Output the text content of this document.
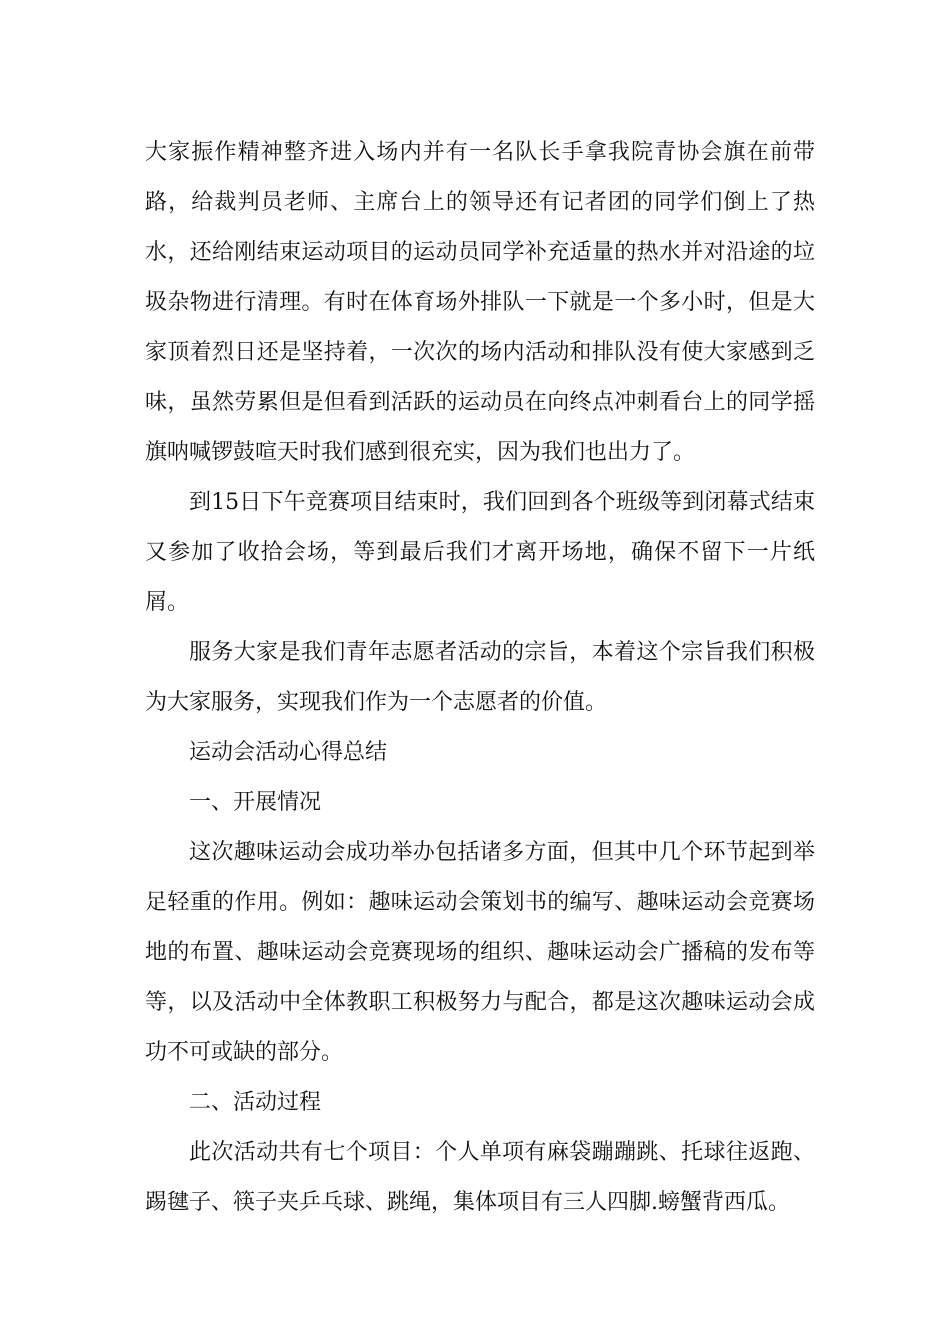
大家振作精神整齐进入场内并有一名队长手拿我院青协会旗在前带路，给裁判员老师、主席台上的领导还有记者团的同学们倒上了热水，还给刚结束运动项目的运动员同学补充适量的热水并对沿途的垃圾杂物进行清理。有时在体育场外排队一下就是一个多小时，但是大家顶着烈日还是坚持着，一次次的场内活动和排队没有使大家感到乏味，虽然劳累但是但看到活跃的运动员在向终点冲刺看台上的同学摇旗呐喊锣鼓喧天时我们感到很充实，因为我们也出力了。

到15日下午竞赛项目结束时，我们回到各个班级等到闭幕式结束又参加了收拾会场，等到最后我们才离开场地，确保不留下一片纸屑。

服务大家是我们青年志愿者活动的宗旨，本着这个宗旨我们积极为大家服务，实现我们作为一个志愿者的价值。

运动会活动心得总结

一、开展情况

这次趣味运动会成功举办包括诸多方面，但其中几个环节起到举足轻重的作用。例如：趣味运动会策划书的编写、趣味运动会竞赛场地的布置、趣味运动会竞赛现场的组织、趣味运动会广播稿的发布等等，以及活动中全体教职工积极努力与配合，都是这次趣味运动会成功不可或缺的部分。

二、活动过程

此次活动共有七个项目：个人单项有麻袋蹦蹦跳、托球往返跑、踢毽子、筷子夹乒乓球、跳绳，集体项目有三人四脚.螃蟹背西瓜。
